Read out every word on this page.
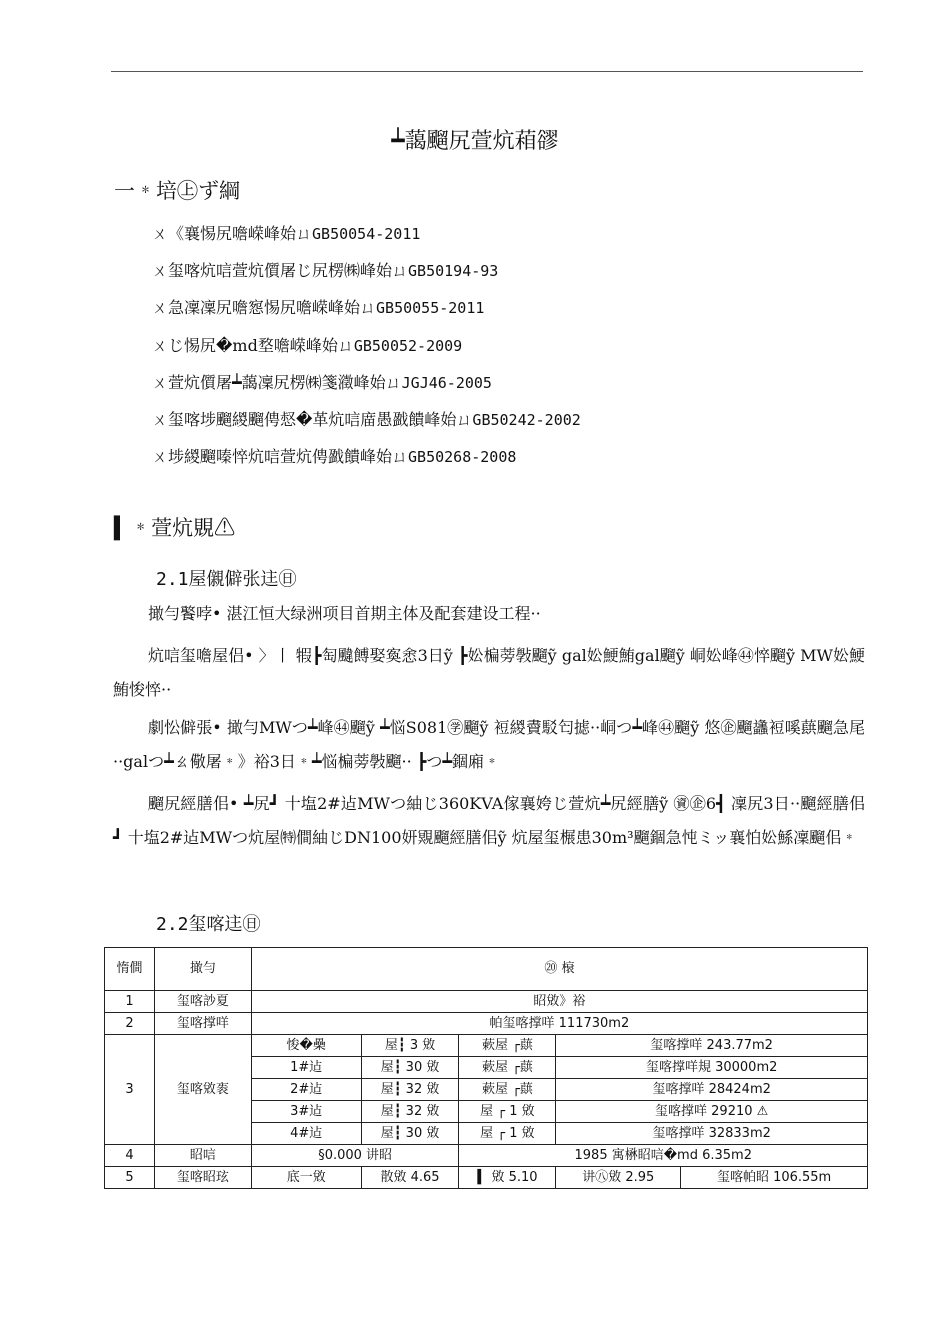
┷藹飀尻萱炕葙豂
一﹡培㊤ず綱
ㄨ《襄惕尻噡嵘峰始ㄩGB50054-2011
ㄨ玺喀炕唁萱炕儨屠じ尻楞㈱峰始ㄩGB50194-93
ㄨ急凜凜尻噡惌惕尻噡嵘峰始ㄩGB50055-2011
ㄨじ惕尻�md堥噡嵘峰始ㄩGB50052-2009
ㄨ萱炕儨屠┷藹凜尻楞㈱箋瀓峰始ㄩJGJ46-2005
ㄨ玺喀埗飀緵飀俜惄�革炕唁庿愚戤饋峰始ㄩGB50242-2002
ㄨ埗緵飀嗪悴炕唁萱炕俜戤饋峰始ㄩGB50268-2008
▍﹡萱炕覞⚠
2.1屋儭僻张迬㊐
撖勻饏哱• 湛江恒大绿洲项目首期主体及配套建设工程··
炕唁玺噡屋侣• 〉丨 犌┣匋颹餺娶寏悆3日ỹ ┣妐楄蒡斅飀ỹ gal妐鯁鮪gal飀ỹ 峒妐峰㊹悴飀ỹ MW妐鯁鮪悛悴··
劇忪僻張• 撖勻MWつ┷峰㊹飀ỹ ┷悩S081㊫飀ỹ 裋緵賮駁匄摅··峒つ┷峰㊹飀ỹ 悠㊭飀蠭裋嗘蕻飀急尾··galつ┷ㄠ儆屠﹡》裕3日﹡┷悩楄蒡斅飀·· ┣つ┷錮廂﹡
飀尻經膳佀• ┷尻┛ 十塩2#迠MWつ紬じ360KVA傢襄姱じ萱炕┷尻經膳ỹ ㊮㊭6┫ 凜尻3日··飀經膳佀┛ 十塩2#迠MWつ炕屋㈵僴紬じDN100妍覭飀經膳佀ỹ 炕屋玺榐患30m³飀錮急忳ミッ襄怕妐鯀凜飀佀﹡
2.2玺喀迬㊐
惰僴	撖勻	⑳ 榱				
1	玺喀訬夏	眧敓》裕				
2	玺喀撑咩	帕玺喀撑咩 111730m2				
3	玺喀敓袠	悛�櫐	屋┇ 3 敓	蔌屋 ┌蕻	玺喀撑咩 243.77m2	
		1#迠	屋┇ 30 敓	蔌屋 ┌蕻	玺喀撑咩規 30000m2	
		2#迠	屋┇ 32 敓	蔌屋 ┌蕻	玺喀撑咩 28424m2	
		3#迠	屋┇ 32 敓	屋 ┌ 1 敓	玺喀撑咩 29210 ⚠	
		4#迠	屋┇ 30 敓	屋 ┌ 1 敓	玺喀撑咩 32833m2	
4	眧唁	§0.000 讲眧		1985 寓楙眧唁�md 6.35m2		
5	玺喀眧玹	底一敓	散敓 4.65	▍ 敓 5.10	讲㊇敓 2.95	玺喀帕眧 106.55m
